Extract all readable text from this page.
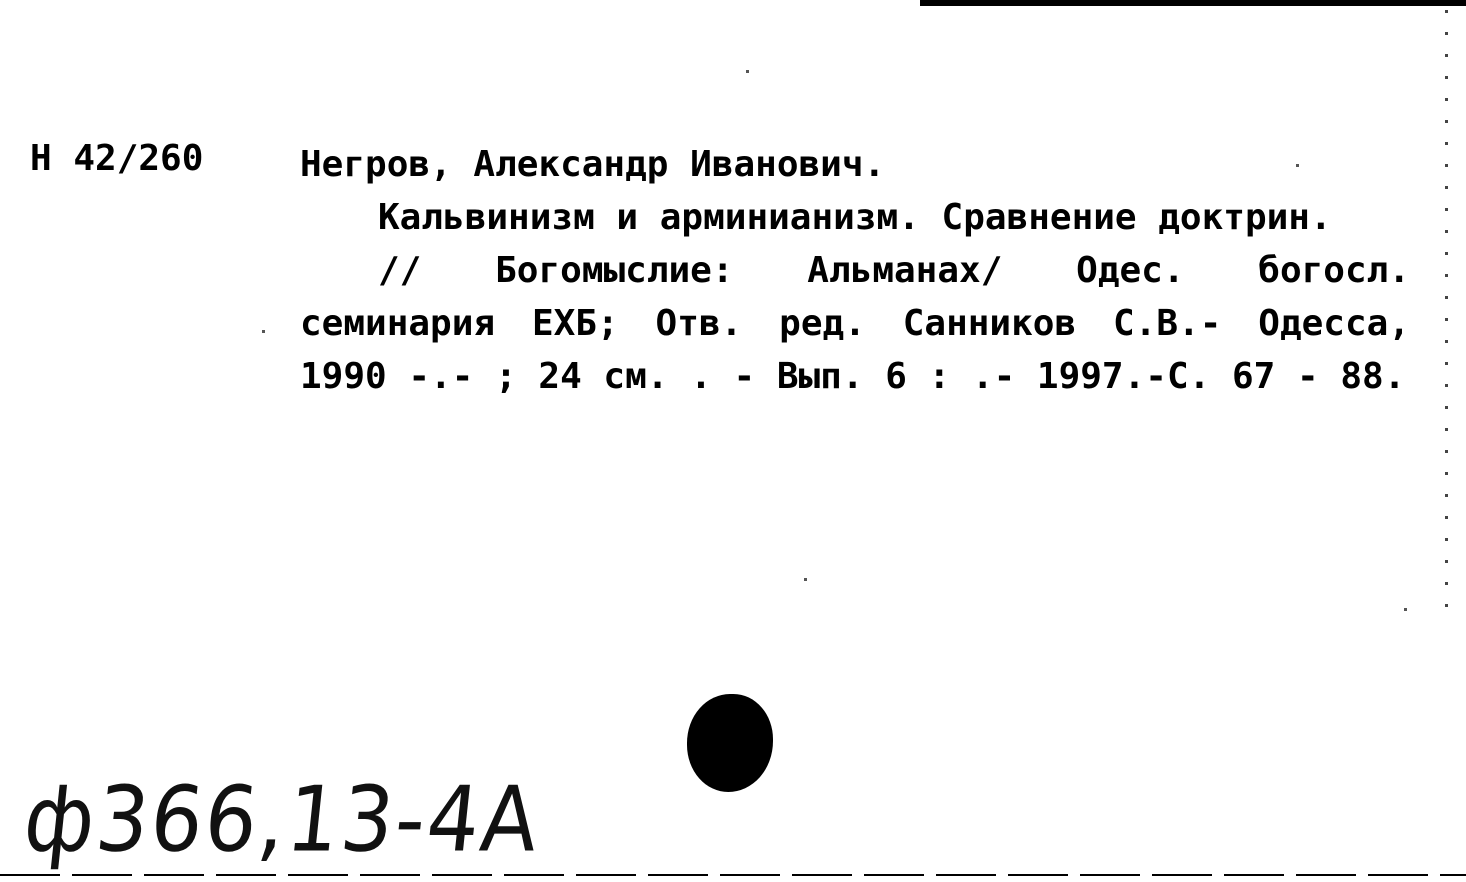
Н 42/260	Негров, Александр Иванович.

Кальвинизм и арминианизм. Сравнение доктрин.

// Богомыслие: Альманах/ Одес. богосл. семинария ЕХБ; Отв. ред. Санников С.В.- Одесса, 1990 -.- ; 24 см. . - Вып. 6 : .- 1997.-С. 67 - 88.

ф366,13-4A
